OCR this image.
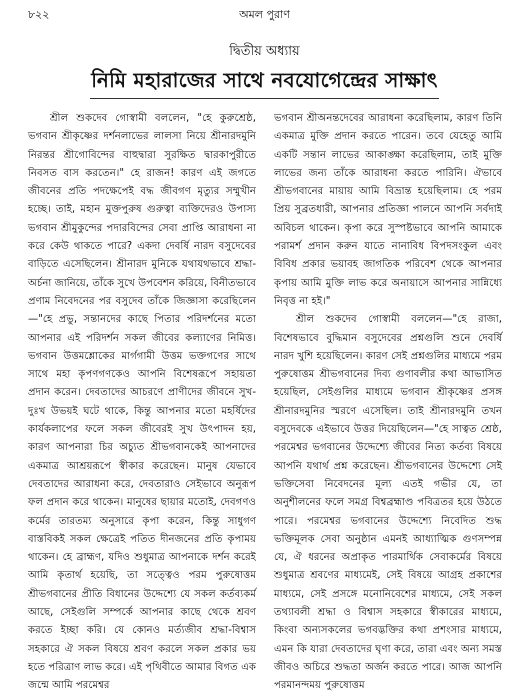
৮২২	অমল পুরাণ
দ্বিতীয় অধ্যায়
নিমি মহারাজের সাথে নবযোগেন্দ্রের সাক্ষাৎ

শ্রীল শুকদেব গোস্বামী বললেন, "হে কুরুশ্রেষ্ঠ, ভগবান শ্রীকৃষ্ণের দর্শনলাভের লালসা নিয়ে শ্রীনারদমুনি নিরন্তর শ্রীগোবিন্দের বাহুদ্বারা সুরক্ষিত দ্বারকাপুরীতে নিবসত বাস করতেন।" হে রাজন! কারণ এই জগতে জীবনের প্রতি পদক্ষেপেই বদ্ধ জীবগণ মৃত্যুর সম্মুখীন হচ্ছে। তাই, মহান মুক্তপুরুষ গুরুত্বা ব্যক্তিদেরও উপাস্য ভগবান শ্রীমুকুন্দের পদারবিন্দের সেবা প্রাপ্তি আরাধনা না করে কেউ থাকতে পারে? একদা দেবর্ষি নারদ বসুদেবের বাড়িতে এসেছিলেন। শ্রীনারদ মুনিকে যথাযথভাবে শ্রদ্ধা-অর্চনা জানিয়ে, তাঁকে সুখে উপবেশন করিয়ে, বিনীতভাবে প্রণাম নিবেদনের পর বসুদেব তাঁকে জিজ্ঞাসা করেছিলেন—"হে প্রভু, সন্তানদের কাছে পিতার পরিদর্শনের মতো আপনার এই পরিদর্শন সকল জীবের কল্যাণের নিমিত্ত। ভগবান উত্তমশ্লোকের মার্গগামী উত্তম ভক্তগণের সাথে সাথে মহা কৃপণগণকেও আপনি বিশেষরূপে সহায়তা প্রদান করেন। দেবতাদের আচরণে প্রাণীদের জীবনে সুখ-দুঃখ উভয়ই ঘটে থাকে, কিন্তু আপনার মতো মহর্ষিদের কার্যকলাপের ফলে সকল জীবেরই সুখ উৎপাদন হয়, কারণ আপনারা চির অচ্যুত শ্রীভগবানকেই আপনাদের একমাত্র আশ্রয়রূপে স্বীকার করেছেন। মানুষ যেভাবে দেবতাদের আরাধনা করে, দেবতারাও সেইভাবে অনুরূপ ফল প্রদান করে থাকেন। মানুষের ছায়ার মতোই, দেবগণও কর্মের তারতম্য অনুসারে কৃপা করেন, কিন্তু সাধুগণ বাস্তবিকই সকল ক্ষেত্রেই পতিত দীনজনের প্রতি কৃপাময় থাকেন। হে ব্রাহ্মণ, যদিও শুধুমাত্র আপনাকে দর্শন করেই আমি কৃতার্থ হয়েছি, তা সত্ত্বেও পরম পুরুষোত্তম শ্রীভগবানের প্রীতি বিধানের উদ্দেশ্যে যে সকল কর্তব্যকর্ম আছে, সেইগুলি সম্পর্কে আপনার কাছে থেকে শ্রবণ করতে ইচ্ছা করি। যে কোনও মর্ত্যজীব শ্রদ্ধা-বিশ্বাস সহকারে ঐ সকল বিষয়ে শ্রবণ করলে সকল প্রকার ভয় হতে পরিত্রাণ লাভ করে। এই পৃথিবীতে আমার বিগত এক জন্মে আমি পরমেশ্বর

ভগবান শ্রীঅনন্তদেবের আরাধনা করেছিলাম, কারণ তিনি একমাত্র মুক্তি প্রদান করতে পারেন। তবে যেহেতু আমি একটি সন্তান লাভের আকাঙ্ক্ষা করেছিলাম, তাই মুক্তি লাভের জন্য তাঁকে আরাধনা করতে পারিনি। ঐভাবে শ্রীভগবানের মায়ায় আমি বিভ্রান্ত হয়েছিলাম। হে পরম প্রিয় সুব্রতধারী, আপনার প্রতিজ্ঞা পালনে আপনি সর্বদাই অবিচল থাকেন। কৃপা করে সুস্পষ্টভাবে আপনি আমাকে পরামর্শ প্রদান করুন যাতে নানাবিধ বিপদসংকুল এবং বিবিধ প্রকার ভয়াবহ জাগতিক পরিবেশ থেকে আপনার কৃপায় আমি মুক্তি লাভ করে অনায়াসে আপনার সান্নিধ্যে নিবৃত্ত না হই।"

শ্রীল শুকদেব গোস্বামী বললেন—"হে রাজা, বিশেষভাবে বুদ্ধিমান বসুদেবের প্রশ্নগুলি শুনে দেবর্ষি নারদ খুশি হয়েছিলেন। কারণ সেই প্রশ্নগুলির মাধ্যমে পরম পুরুষোত্তম শ্রীভগবানের দিব্য গুণাবলীর কথা আভাসিত হয়েছিল, সেইগুলির মাধ্যমে ভগবান শ্রীকৃষ্ণের প্রসঙ্গ শ্রীনারদমুনির স্মরণে এসেছিল। তাই শ্রীনারদমুনি তখন বসুদেবকে এইভাবে উত্তর দিয়েছিলেন—"হে সাত্বত শ্রেষ্ঠ, পরমেশ্বর ভগবানের উদ্দেশ্যে জীবের নিত্য কর্তব্য বিষয়ে আপনি যথার্থ প্রশ্ন করেছেন। শ্রীভগবানের উদ্দেশ্যে সেই ভক্তিসেবা নিবেদনের মূল্য এতই গভীর যে, তা অনুশীলনের ফলে সমগ্র বিশ্বব্রহ্মাণ্ড পবিত্রতর হয়ে উঠতে পারে। পরমেশ্বর ভগবানের উদ্দেশ্যে নিবেদিত শুদ্ধ ভক্তিমূলক সেবা অনুষ্ঠান এমনই আধ্যাত্মিক গুণসম্পন্ন যে, ঐ ধরনের অপ্রাকৃত পারমার্থিক সেবাকর্মের বিষয়ে শুধুমাত্র শ্রবণের মাধ্যমেই, সেই বিষয়ে আগ্রহ প্রকাশের মাধ্যমে, সেই প্রসঙ্গে মনোনিবেশের মাধ্যমে, সেই সকল তথ্যাবলী শ্রদ্ধা ও বিশ্বাস সহকারে স্বীকারের মাধ্যমে, কিংবা অন্যসকলের ভগবদ্ভক্তির কথা প্রশংসার মাধ্যমে, এমন কি যারা দেবতাদের ঘৃণা করে, তারা এবং অন্য সমস্ত জীবও অচিরে শুদ্ধতা অর্জন করতে পারে। আজ আপনি পরমানন্দময় পুরুষোত্তম
